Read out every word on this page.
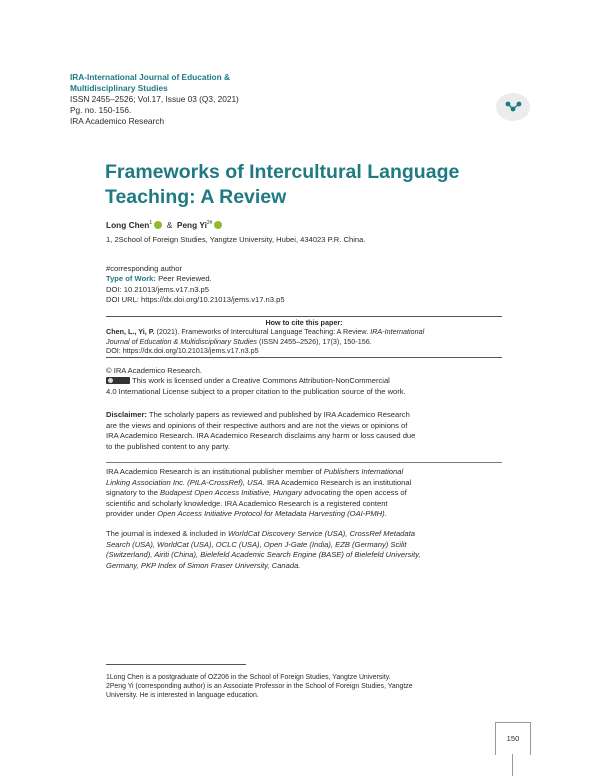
IRA-International Journal of Education &
Multidisciplinary Studies
ISSN 2455–2526; Vol.17, Issue 03 (Q3, 2021)
Pg. no. 150-156.
IRA Academico Research
Frameworks of Intercultural Language
Teaching: A Review
Long Chen$^1$ & Peng $Yi^{2\#}$
1, 2School of Foreign Studies, Yangtze University, Hubei, 434023 P.R. China.
#corresponding author
Type of Work: Peer Reviewed.
DOI: 10.21013/jems.v17.n3.p5
DOI URL: https://dx.doi.org/10.21013/jems.v17.n3.p5
How to cite this paper:
Chen, L., Yi, P. (2021). Frameworks of Intercultural Language Teaching: A Review. IRA-International
Journal of Education & Multidisciplinary Studies (ISSN 2455–2526), 17(3), 150-156.
DOI: https://dx.doi.org/10.21013/jems.v17.n3.p5
© IRA Academico Research.
This work is licensed under a Creative Commons Attribution-NonCommercial
4.0 International License subject to a proper citation to the publication source of the work.
Disclaimer: The scholarly papers as reviewed and published by IRA Academico Research
are the views and opinions of their respective authors and are not the views or opinions of
IRA Academico Research. IRA Academico Research disclaims any harm or loss caused due
to the published content to any party.
IRA Academico Research is an institutional publisher member of Publishers International
Linking Association Inc. (PILA-CrossRef), USA. IRA Academico Research is an institutional
signatory to the Budapest Open Access Initiative, Hungary advocating the open access of
scientific and scholarly knowledge. IRA Academico Research is a registered content
provider under Open Access Initiative Protocol for Metadata Harvesting (OAI-PMH).
The journal is indexed & included in WorldCat Discovery Service (USA), CrossRef Metadata
Search (USA), WorldCat (USA), OCLC (USA), Open J-Gate (India), EZB (Germany) Scilit
(Switzerland), Airiti (China), Bielefeld Academic Search Engine (BASE) of Bielefeld University,
Germany, PKP Index of Simon Fraser University, Canada.
1Long Chen is a postgraduate of OZ206 in the School of Foreign Studies, Yangtze University.
2Peng Yi (corresponding author) is an Associate Professor in the School of Foreign Studies, Yangtze
University. He is interested in language education.
150
